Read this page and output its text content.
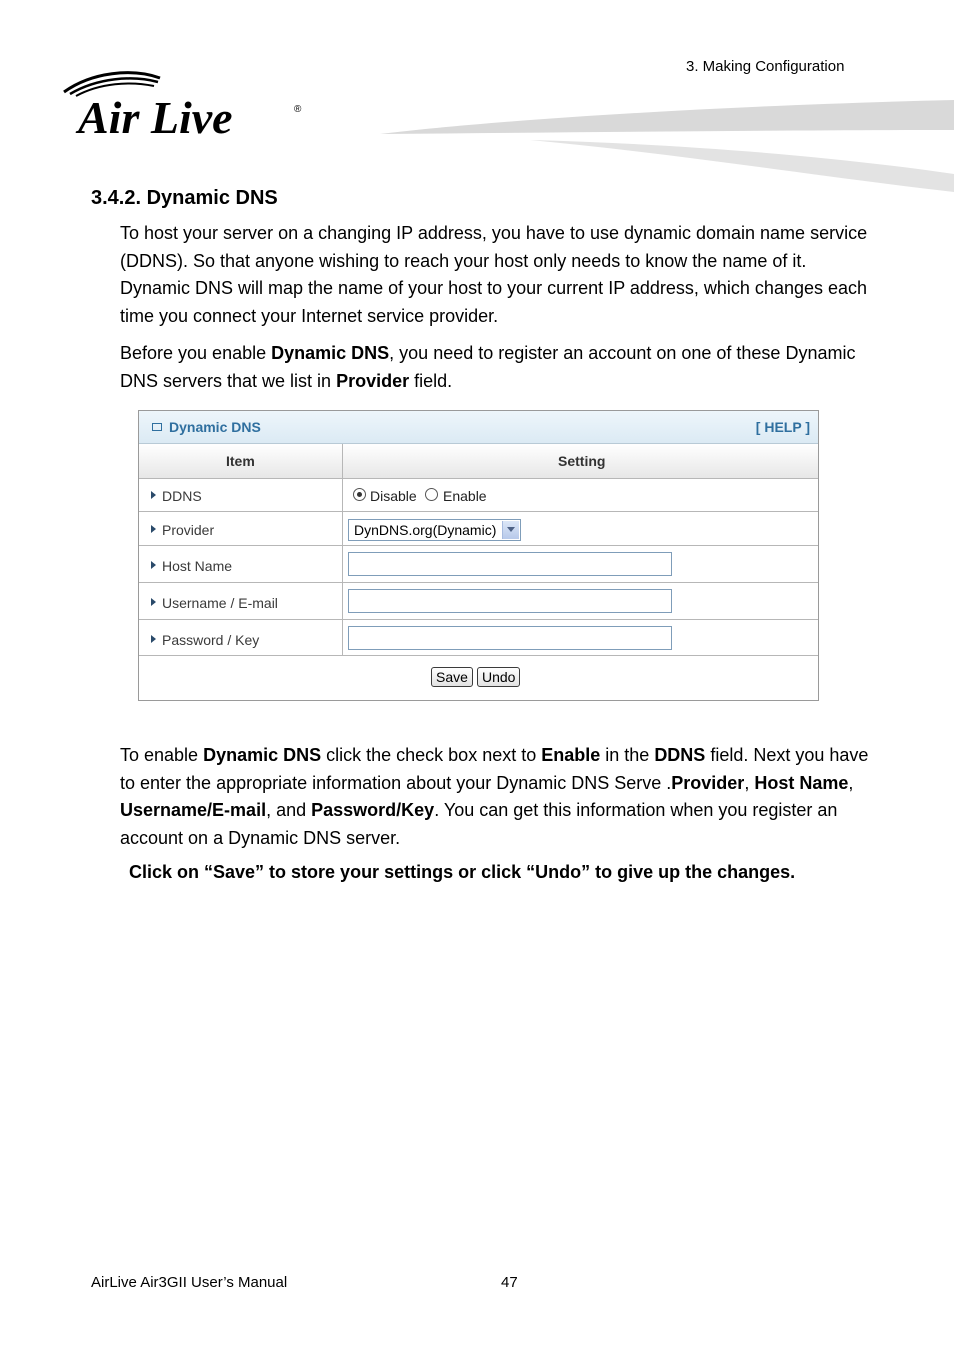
3. Making Configuration
Air Live	®
3.4.2. Dynamic DNS

To host your server on a changing IP address, you have to use dynamic domain name service (DDNS). So that anyone wishing to reach your host only needs to know the name of it. Dynamic DNS will map the name of your host to your current IP address, which changes each time you connect your Internet service provider.

Before you enable Dynamic DNS, you need to register an account on one of these Dynamic DNS servers that we list in Provider field.

Dynamic DNS	[ HELP ]
Item	Setting
DDNS	Disable Enable
Provider	DynDNS.org(Dynamic)
Host Name
Username / E-mail
Password / Key
Save	Undo

To enable Dynamic DNS click the check box next to Enable in the DDNS field. Next you have to enter the appropriate information about your Dynamic DNS Serve .Provider, Host Name, Username/E-mail, and Password/Key. You can get this information when you register an account on a Dynamic DNS server.

Click on “Save” to store your settings or click “Undo” to give up the changes.
AirLive Air3GII User’s Manual	47
